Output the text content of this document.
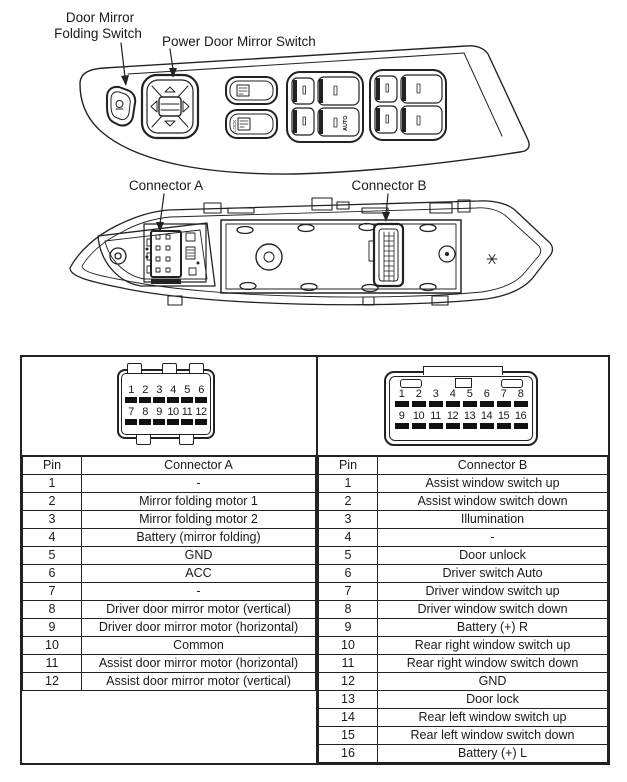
LOCK	AUTO
Door Mirror
Folding Switch
Power Door Mirror Switch
Connector A	Connector B
1 2 3 4 5 6
7 8 9 10 11 12
Pin	Connector A
1	-
2	Mirror folding motor 1
3	Mirror folding motor 2
4	Battery (mirror folding)
5	GND
6	ACC
7	-
8	Driver door mirror motor (vertical)
9	Driver door mirror motor (horizontal)
10	Common
11	Assist door mirror motor (horizontal)
12	Assist door mirror motor (vertical)
1	2	3	4	5	6	7	8
9 10 11 12 13 14 15 16
Pin	Connector B
1	Assist window switch up
2	Assist window switch down
3	Illumination
4	-
5	Door unlock
6	Driver switch Auto
7	Driver window switch up
8	Driver window switch down
9	Battery (+) R
10	Rear right window switch up
11	Rear right window switch down
12	GND
13	Door lock
14	Rear left window switch up
15	Rear left window switch down
16	Battery (+) L
